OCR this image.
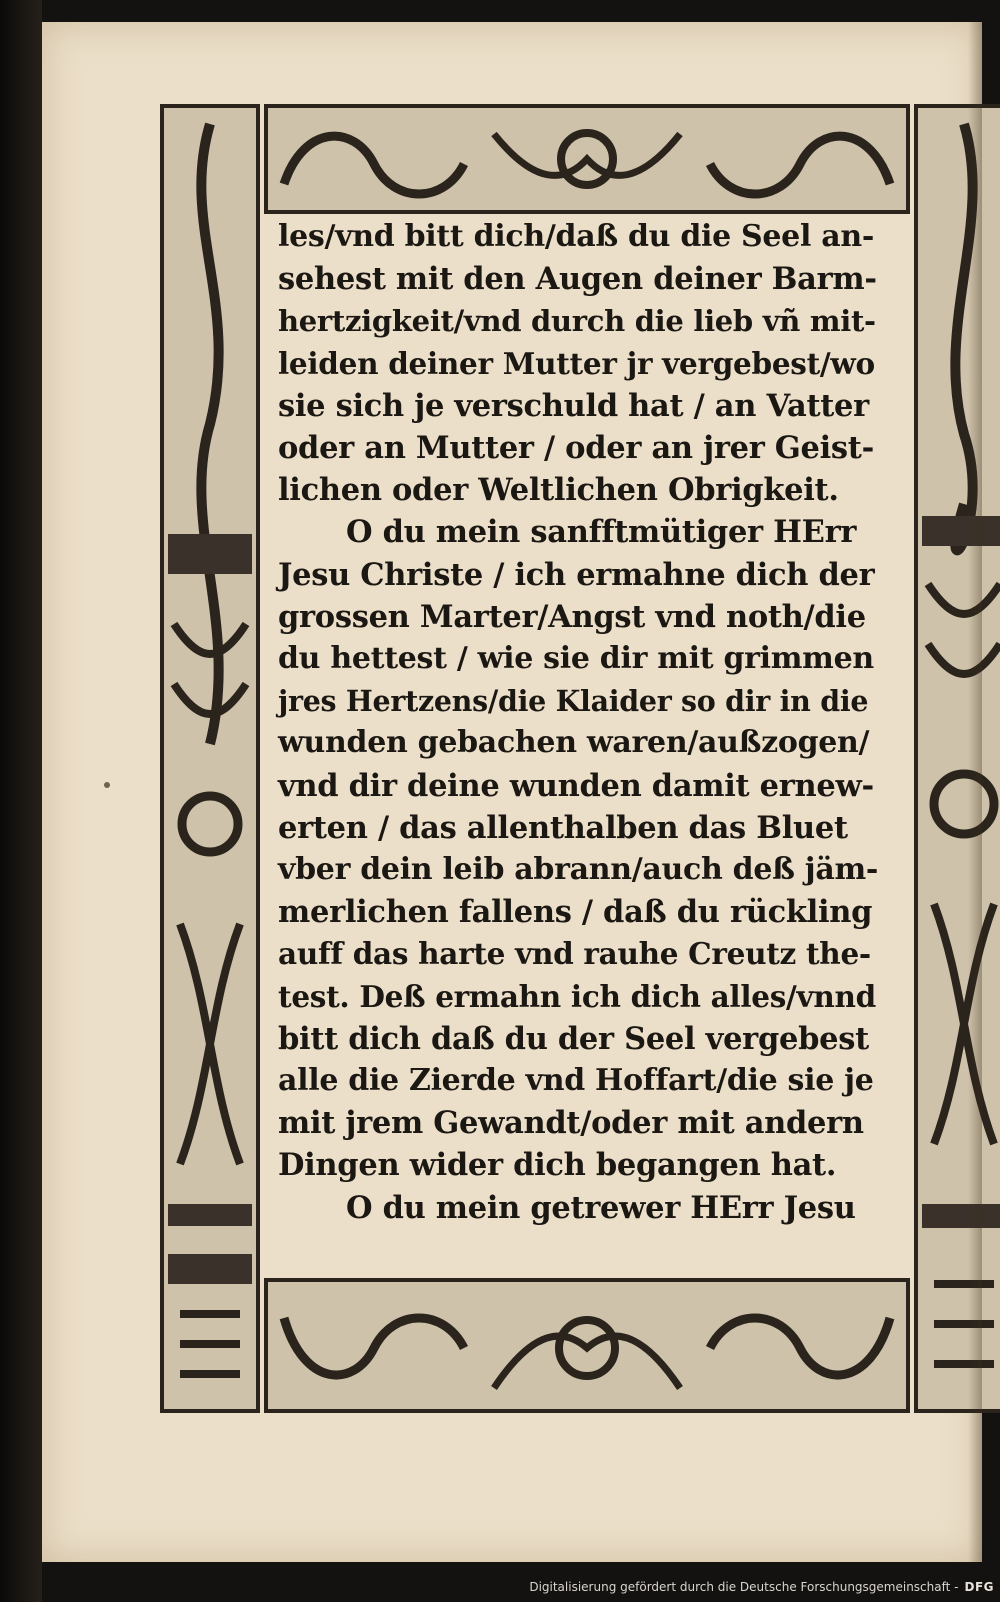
les/vnd bitt dich/daß du die Seel an-
sehest mit den Augen deiner Barm-
hertzigkeit/vnd durch die lieb vñ mit-
leiden deiner Mutter jr vergebest/wo
sie sich je verschuld hat / an Vatter
oder an Mutter / oder an jrer Geist-
lichen oder Weltlichen Obrigkeit.
O du mein sanfftmütiger HErr
Jesu Christe / ich ermahne dich der
grossen Marter/Angst vnd noth/die
du hettest / wie sie dir mit grimmen
jres Hertzens/die Klaider so dir in die
wunden gebachen waren/außzogen/
vnd dir deine wunden damit ernew-
erten / das allenthalben das Bluet
vber dein leib abrann/auch deß jäm-
merlichen fallens / daß du rückling
auff das harte vnd rauhe Creutz the-
test. Deß ermahn ich dich alles/vnnd
bitt dich daß du der Seel vergebest
alle die Zierde vnd Hoffart/die sie je
mit jrem Gewandt/oder mit andern
Dingen wider dich begangen hat.
O du mein getrewer HErr Jesu
Digitalisierung gefördert durch die Deutsche Forschungsgemeinschaft - DFG
